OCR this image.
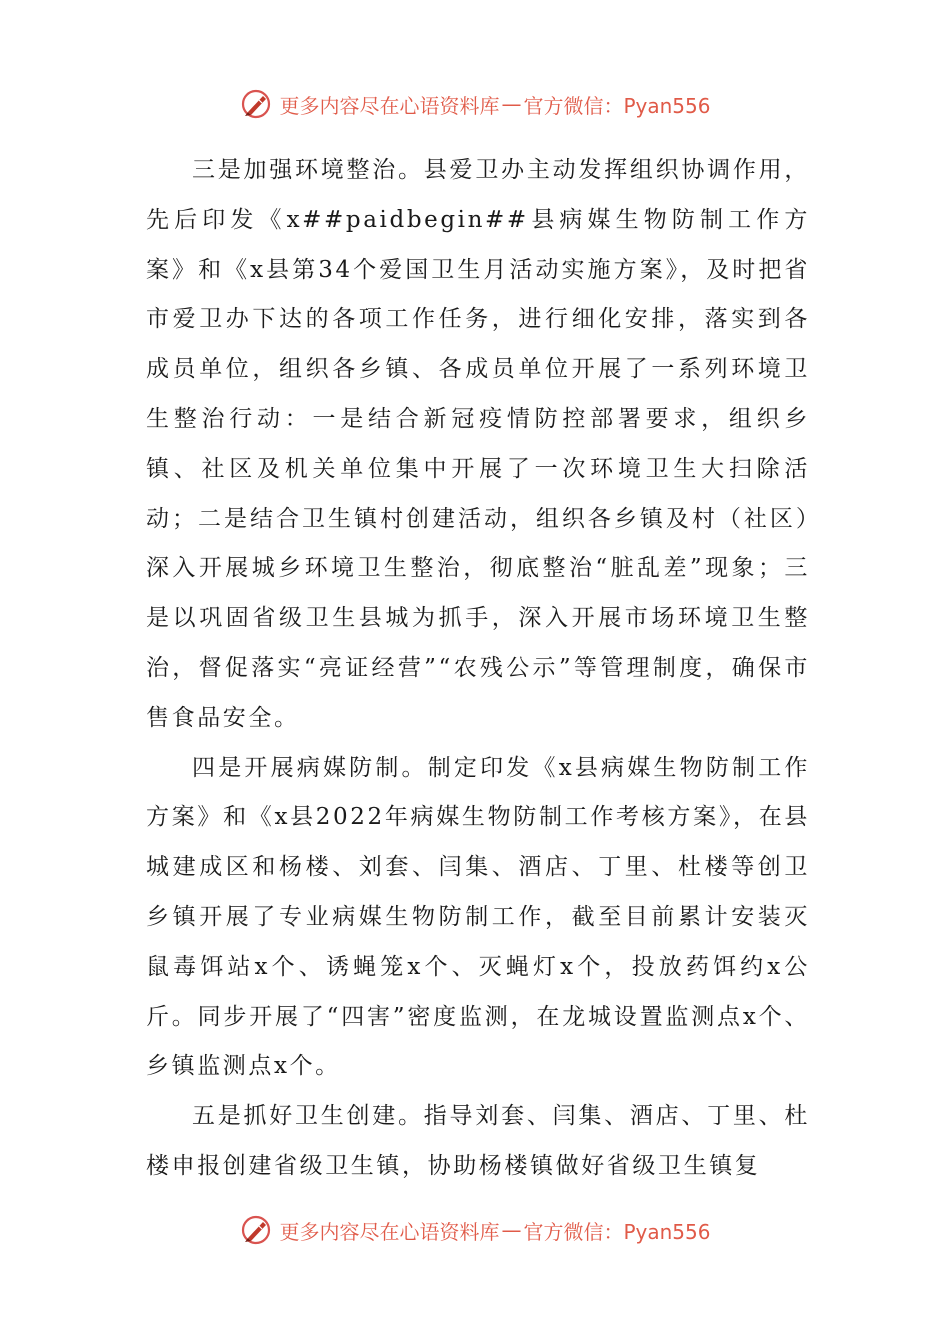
更多内容尽在心语资料库 — 官方微信：Pyan556

三是加强环境整治。县爱卫办主动发挥组织协调作用，先后印发《x##paidbegin##县病媒生物防制工作方案》和《x县第34个爱国卫生月活动实施方案》，及时把省市爱卫办下达的各项工作任务，进行细化安排，落实到各成员单位，组织各乡镇、各成员单位开展了一系列环境卫生整治行动：一是结合新冠疫情防控部署要求，组织乡镇、社区及机关单位集中开展了一次环境卫生大扫除活动；二是结合卫生镇村创建活动，组织各乡镇及村（社区）深入开展城乡环境卫生整治，彻底整治“脏乱差”现象；三是以巩固省级卫生县城为抓手，深入开展市场环境卫生整治，督促落实“亮证经营”“农残公示”等管理制度，确保市售食品安全。

四是开展病媒防制。制定印发《x县病媒生物防制工作方案》和《x县2022年病媒生物防制工作考核方案》，在县城建成区和杨楼、刘套、闫集、酒店、丁里、杜楼等创卫乡镇开展了专业病媒生物防制工作，截至目前累计安装灭鼠毒饵站x个、诱蝇笼x个、灭蝇灯x个，投放药饵约x公斤。同步开展了“四害”密度监测，在龙城设置监测点x个、乡镇监测点x个。

五是抓好卫生创建。指导刘套、闫集、酒店、丁里、杜楼申报创建省级卫生镇，协助杨楼镇做好省级卫生镇复

更多内容尽在心语资料库 — 官方微信：Pyan556
